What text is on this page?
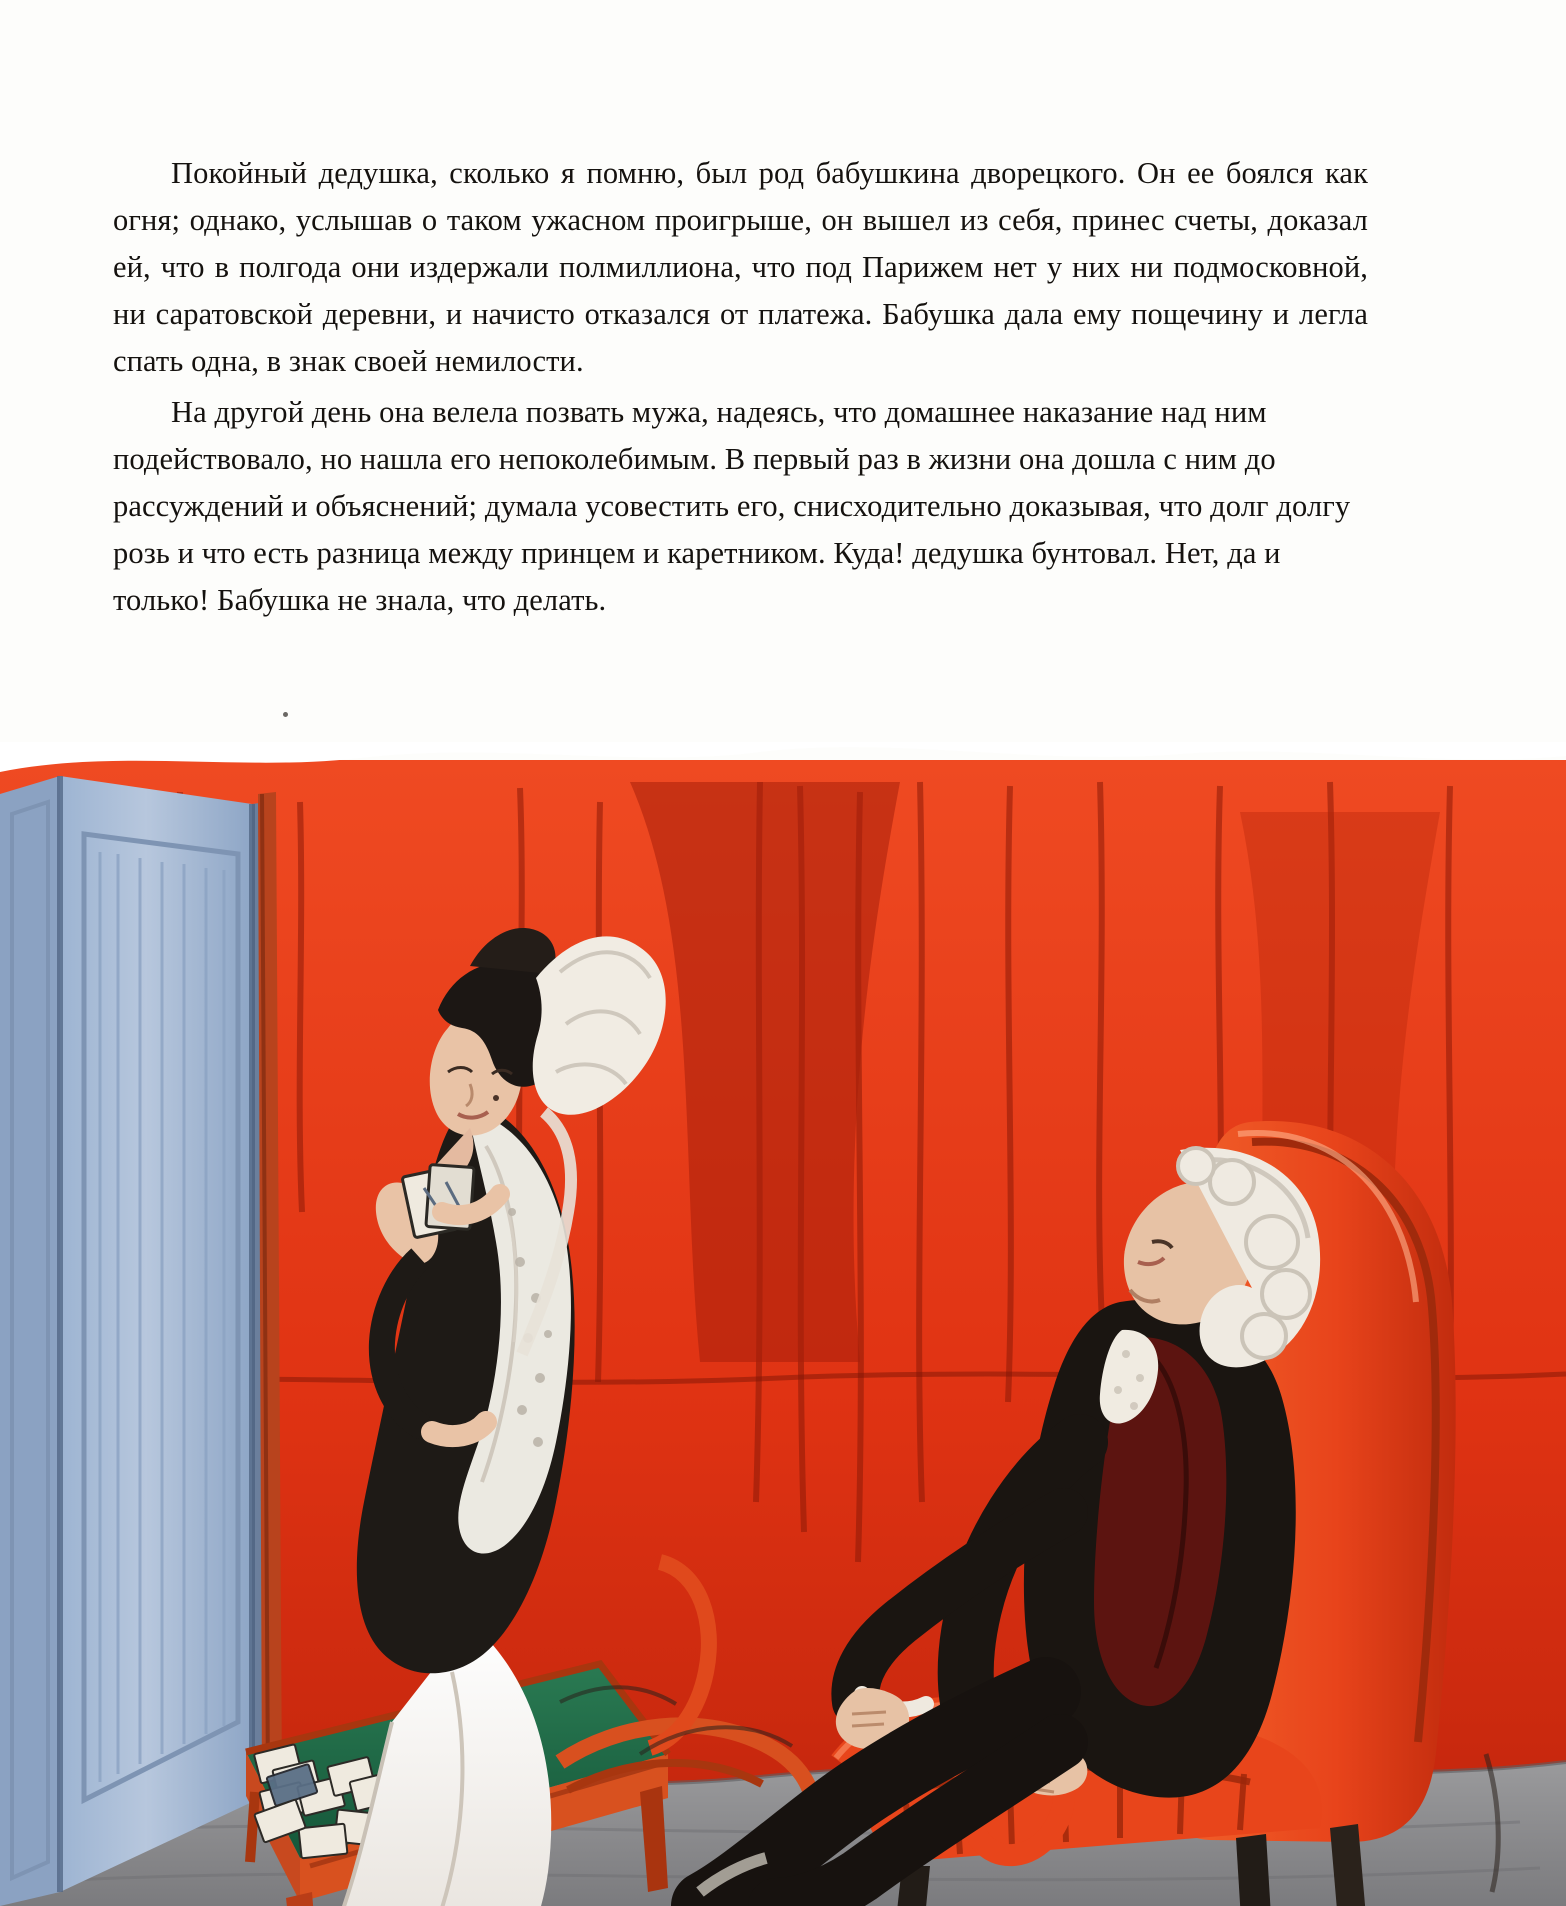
Покойный дедушка, сколько я помню, был род бабушкина дворецкого. Он ее боялся как огня; однако, услышав о таком ужасном проигрыше, он вышел из себя, принес счеты, доказал ей, что в полгода они издержали полмиллиона, что под Парижем нет у них ни подмосковной, ни саратовской деревни, и начисто отказался от платежа. Бабушка дала ему пощечину и легла спать одна, в знак своей немилости.

На другой день она велела позвать мужа, надеясь, что домашнее наказание над ним подействовало, но нашла его непоколебимым. В первый раз в жизни она дошла с ним до рассуждений и объяснений; думала усовестить его, снисходительно доказывая, что долг долгу розь и что есть разница между принцем и каретником. Куда! дедушка бунтовал. Нет, да и только! Бабушка не знала, что делать.
